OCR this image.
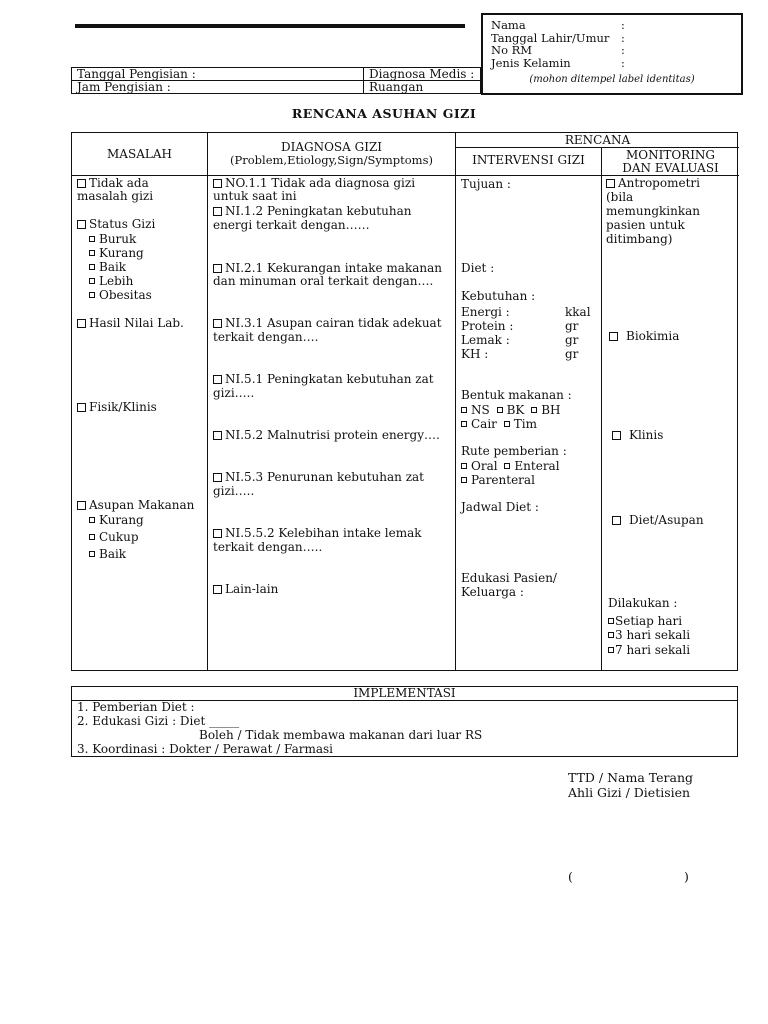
Nama	:
Tanggal Lahir/Umur :
No RM	:
Jenis Kelamin	:
(mohon ditempel label identitas)
Tanggal Pengisian :	Diagnosa Medis :
Jam Pengisian :	Ruangan
RENCANA ASUHAN GIZI
MASALAH	DIAGNOSA GIZI
(Problem,Etiology,Sign/Symptoms)
RENCANA
INTERVENSI GIZI	MONITORING
DAN EVALUASI
Tidak ada
masalah gizi
Status Gizi
Buruk
Kurang
Baik
Lebih
Obesitas
Hasil Nilai Lab.
Fisik/Klinis
Asupan Makanan
Kurang
Cukup
Baik
NO.1.1 Tidak ada diagnosa gizi
untuk saat ini
NI.1.2 Peningkatan kebutuhan
energi terkait dengan……
NI.2.1 Kekurangan intake makanan
dan minuman oral terkait dengan….
NI.3.1 Asupan cairan tidak adekuat
terkait dengan….
NI.5.1 Peningkatan kebutuhan zat
gizi…..
NI.5.2 Malnutrisi protein energy….
NI.5.3 Penurunan kebutuhan zat
gizi…..
NI.5.5.2 Kelebihan intake lemak
terkait dengan…..
Lain-lain
Tujuan :
Diet :
Kebutuhan :
Energi :	kkal
Protein :	gr
Lemak :	gr
KH :	gr
Bentuk makanan :
NS BK BH
Cair Tim
Rute pemberian :
Oral Enteral
Parenteral
Jadwal Diet :
Edukasi Pasien/
Keluarga :
Antropometri
(bila
memungkinkan
pasien untuk
ditimbang)
Biokimia
Klinis
Diet/Asupan
Dilakukan :
Setiap hari
3 hari sekali
7 hari sekali
IMPLEMENTASI
1. Pemberian Diet :
2. Edukasi Gizi : Diet _____
Boleh / Tidak membawa makanan dari luar RS
3. Koordinasi : Dokter / Perawat / Farmasi
TTD / Nama Terang
Ahli Gizi / Dietisien
(	)
